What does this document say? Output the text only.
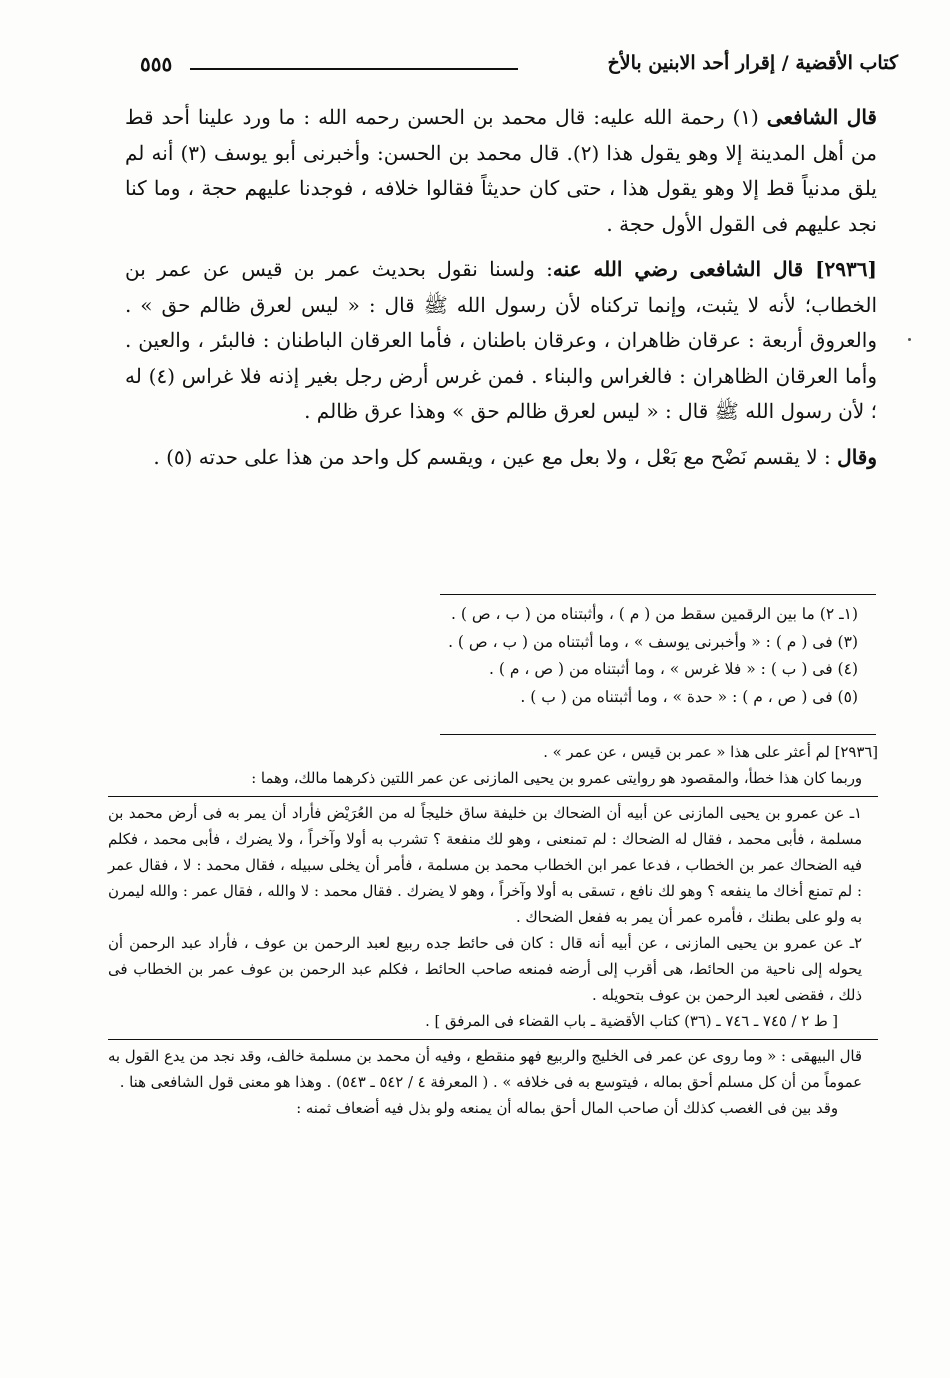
كتاب الأقضية / إقرار أحد الابنين بالأخ
٥٥٥

قال الشافعى (١) رحمة الله عليه: قال محمد بن الحسن رحمه الله : ما ورد علينا أحد قط من أهل المدينة إلا وهو يقول هذا (٢). قال محمد بن الحسن: وأخبرنى أبو يوسف (٣) أنه لم يلق مدنياً قط إلا وهو يقول هذا ، حتى كان حديثاً فقالوا خلافه ، فوجدنا عليهم حجة ، وما كنا نجد عليهم فى القول الأول حجة .

[٢٩٣٦] قال الشافعى رضي الله عنه: ولسنا نقول بحديث عمر بن قيس عن عمر بن الخطاب؛ لأنه لا يثبت، وإنما تركناه لأن رسول الله ﷺ قال : « ليس لعرق ظالم حق » . والعروق أربعة : عرقان ظاهران ، وعرقان باطنان ، فأما العرقان الباطنان : فالبئر ، والعين . وأما العرقان الظاهران : فالغراس والبناء . فمن غرس أرض رجل بغير إذنه فلا غراس (٤) له ؛ لأن رسول الله ﷺ قال : « ليس لعرق ظالم حق » وهذا عرق ظالم .

وقال : لا يقسم نَضْح مع بَعْل ، ولا بعل مع عين ، ويقسم كل واحد من هذا على حدته (٥) .

(١ـ ٢) ما بين الرقمين سقط من ( م ) ، وأثبتناه من ( ب ، ص ) .
(٣) فى ( م ) : « وأخبرنى يوسف » ، وما أثبتناه من ( ب ، ص ) .
(٤) فى ( ب ) : « فلا غرس » ، وما أثبتناه من ( ص ، م ) .
(٥) فى ( ص ، م ) : « حدة » ، وما أثبتناه من ( ب ) .

[٢٩٣٦] لم أعثر على هذا « عمر بن قيس ، عن عمر » .

وربما كان هذا خطأ، والمقصود هو روايتى عمرو بن يحيى المازنى عن عمر اللتين ذكرهما مالك، وهما :

١ـ عن عمرو بن يحيى المازنى عن أبيه أن الضحاك بن خليفة ساق خليجاً له من العُرَيْض فأراد أن يمر به فى أرض محمد بن مسلمة ، فأبى محمد ، فقال له الضحاك : لم تمنعنى ، وهو لك منفعة ؟ تشرب به أولا وآخراً ، ولا يضرك ، فأبى محمد ، فكلم فيه الضحاك عمر بن الخطاب ، فدعا عمر ابن الخطاب محمد بن مسلمة ، فأمر أن يخلى سبيله ، فقال محمد : لا ، فقال عمر : لم تمنع أخاك ما ينفعه ؟ وهو لك نافع ، تسقى به أولا وآخراً ، وهو لا يضرك . فقال محمد : لا والله ، فقال عمر : والله ليمرن به ولو على بطنك ، فأمره عمر أن يمر به ففعل الضحاك .

٢ـ عن عمرو بن يحيى المازنى ، عن أبيه أنه قال : كان فى حائط جده ربيع لعبد الرحمن بن عوف ، فأراد عبد الرحمن أن يحوله إلى ناحية من الحائط، هى أقرب إلى أرضه فمنعه صاحب الحائط ، فكلم عبد الرحمن بن عوف عمر بن الخطاب فى ذلك ، فقضى لعبد الرحمن بن عوف بتحويله .

[ ط ٢ / ٧٤٥ ـ ٧٤٦ ـ (٣٦) كتاب الأقضية ـ باب القضاء فى المرفق ] .

قال البيهقى : « وما روى عن عمر فى الخليج والربيع فهو منقطع ، وفيه أن محمد بن مسلمة خالف، وقد نجد من يدع القول به عموماً من أن كل مسلم أحق بماله ، فيتوسع به فى خلافه » . ( المعرفة ٤ / ٥٤٢ ـ ٥٤٣) . وهذا هو معنى قول الشافعى هنا .

وقد بين فى الغصب كذلك أن صاحب المال أحق بماله أن يمنعه ولو بذل فيه أضعاف ثمنه :
